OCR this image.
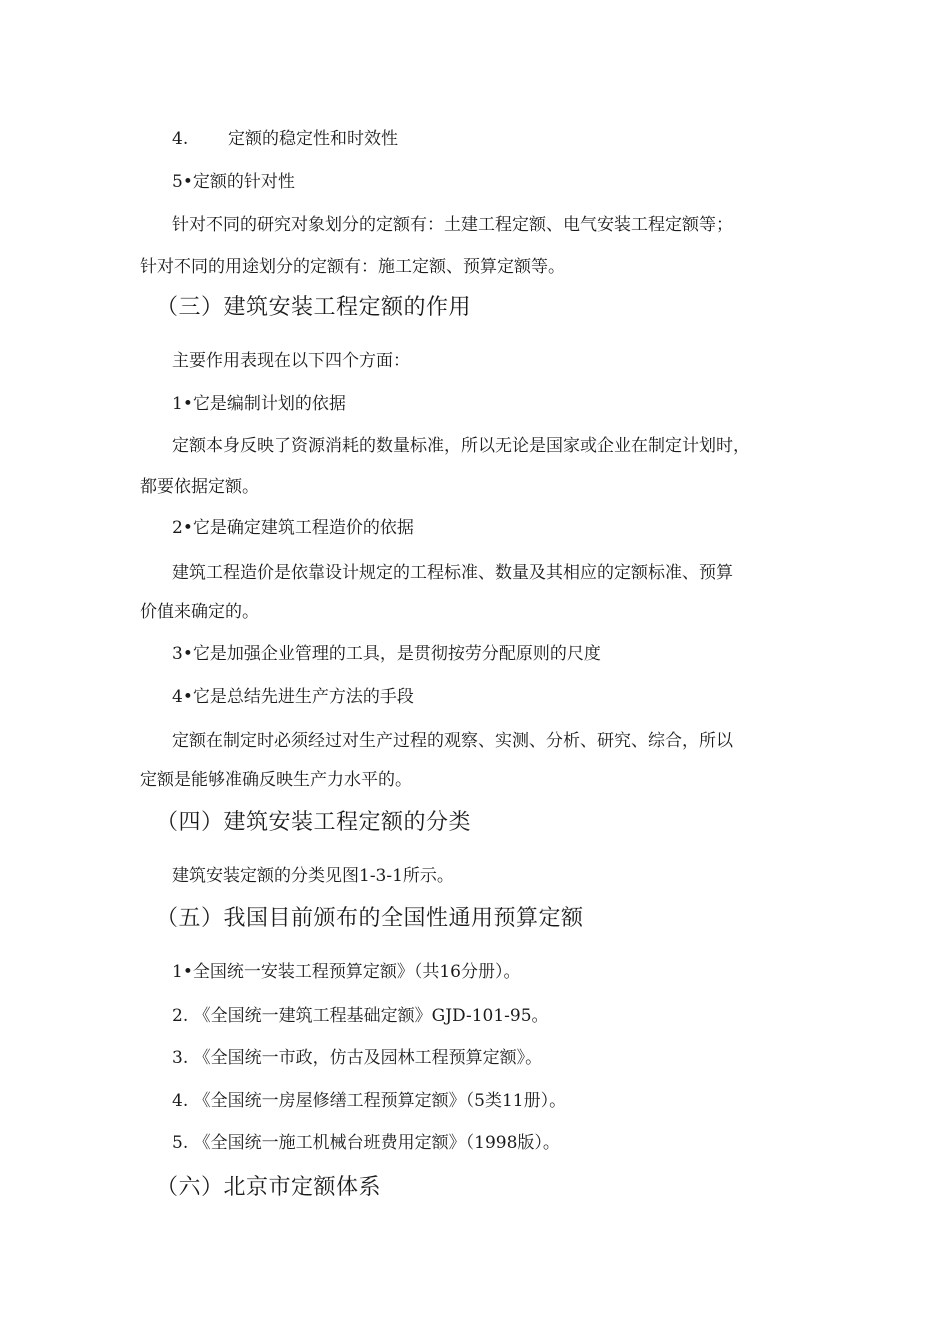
4. 定额的稳定性和时效性
5•定额的针对性
针对不同的研究对象划分的定额有：土建工程定额、电气安装工程定额等；
针对不同的用途划分的定额有：施工定额、预算定额等。
（三）建筑安装工程定额的作用
主要作用表现在以下四个方面：
1•它是编制计划的依据
定额本身反映了资源消耗的数量标准，所以无论是国家或企业在制定计划时，
都要依据定额。
2•它是确定建筑工程造价的依据
建筑工程造价是依靠设计规定的工程标准、数量及其相应的定额标准、预算
价值来确定的。
3•它是加强企业管理的工具，是贯彻按劳分配原则的尺度
4•它是总结先进生产方法的手段
定额在制定时必须经过对生产过程的观察、实测、分析、研究、综合，所以
定额是能够准确反映生产力水平的。
（四）建筑安装工程定额的分类
建筑安装定额的分类见图1-3-1所示。
（五）我国目前颁布的全国性通用预算定额
1•全国统一安装工程预算定额》（共16分册）。
2. 《全国统一建筑工程基础定额》GJD-101-95。
3. 《全国统一市政，仿古及园林工程预算定额》。
4. 《全国统一房屋修缮工程预算定额》（5类11册）。
5. 《全国统一施工机械台班费用定额》（1998版）。
（六）北京市定额体系
